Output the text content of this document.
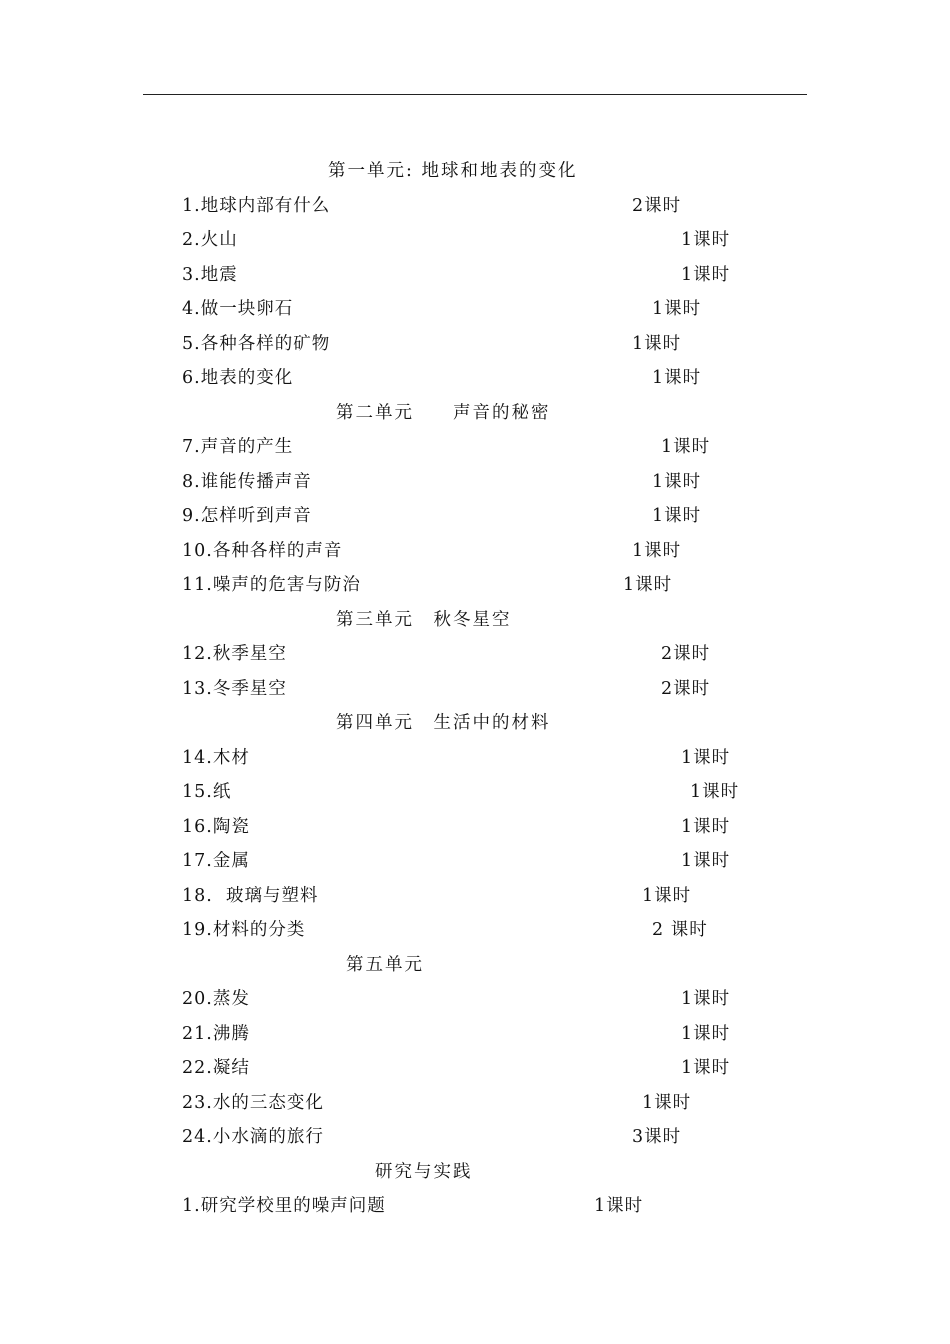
第一单元: 地球和地表的变化
1.地球内部有什么	2课时
2.火山	1课时
3.地震	1课时
4.做一块卵石	1课时
5.各种各样的矿物	1课时
6.地表的变化	1课时
第二单元　　声音的秘密
7.声音的产生	1课时
8.谁能传播声音	1课时
9.怎样听到声音	1课时
10.各种各样的声音	1课时
11.噪声的危害与防治	1课时
第三单元　秋冬星空
12.秋季星空	2课时
13.冬季星空	2课时
第四单元　生活中的材料
14.木材	1课时
15.纸	1课时
16.陶瓷	1课时
17.金属	1课时
18.  玻璃与塑料	1课时
19.材料的分类	2 课时
第五单元
20.蒸发	1课时
21.沸腾	1课时
22.凝结	1课时
23.水的三态变化	1课时
24.小水滴的旅行	3课时
研究与实践
1.研究学校里的噪声问题	1课时
